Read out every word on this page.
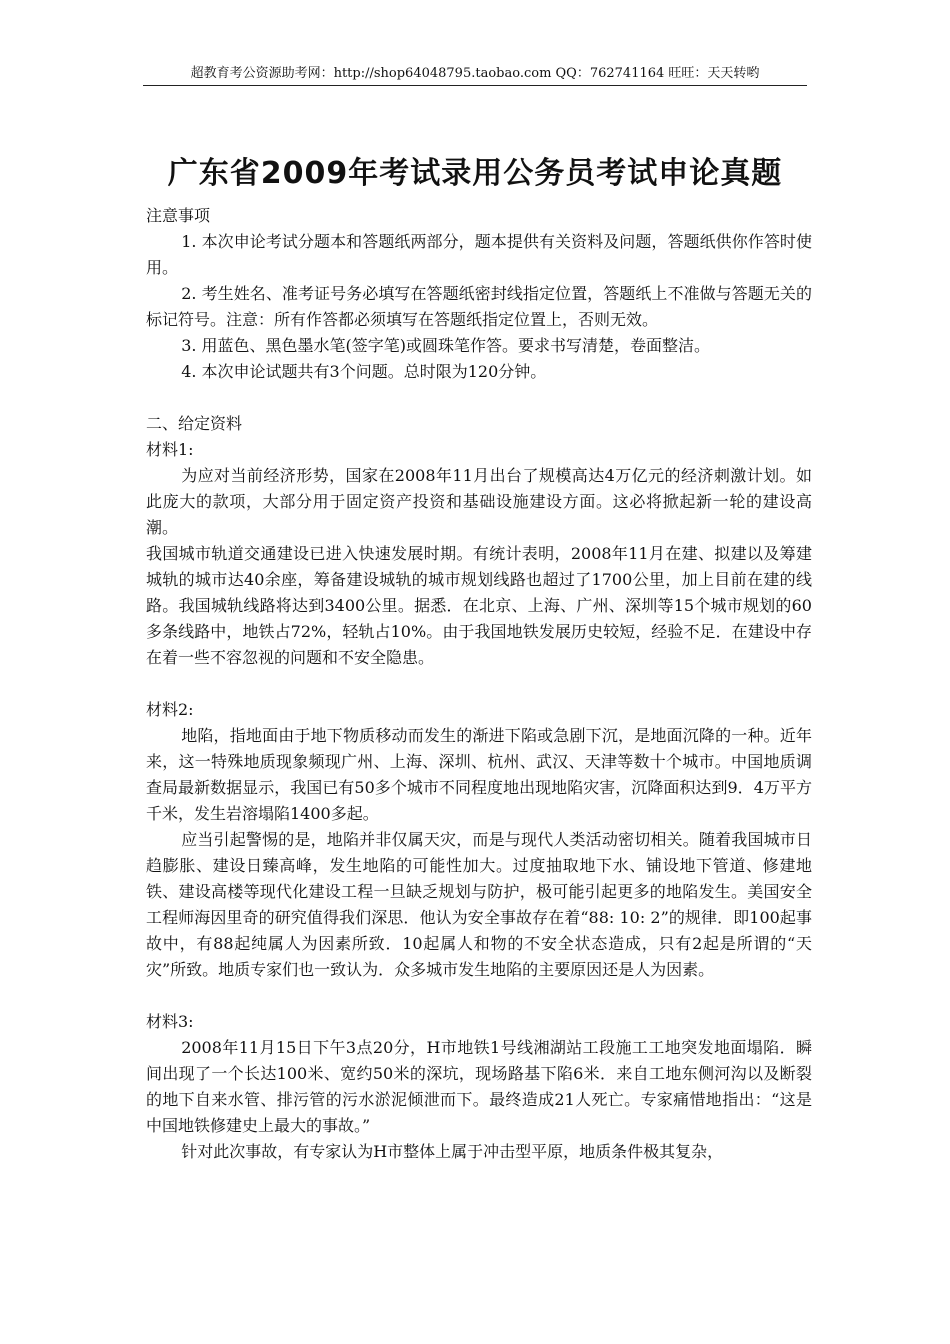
超教育考公资源助考网：http://shop64048795.taobao.com QQ：762741164 旺旺：天天转哟
广东省2009年考试录用公务员考试申论真题

注意事项

1. 本次申论考试分题本和答题纸两部分，题本提供有关资料及问题，答题纸供你作答时使用。

2. 考生姓名、准考证号务必填写在答题纸密封线指定位置，答题纸上不准做与答题无关的标记符号。注意：所有作答都必须填写在答题纸指定位置上，否则无效。

3. 用蓝色、黑色墨水笔(签字笔)或圆珠笔作答。要求书写清楚，卷面整洁。

4. 本次申论试题共有3个问题。总时限为120分钟。

二、给定资料

材料1:

为应对当前经济形势，国家在2008年11月出台了规模高达4万亿元的经济刺激计划。如此庞大的款项，大部分用于固定资产投资和基础设施建设方面。这必将掀起新一轮的建设高潮。

我国城市轨道交通建设已进入快速发展时期。有统计表明，2008年11月在建、拟建以及筹建城轨的城市达40余座，筹备建设城轨的城市规划线路也超过了1700公里，加上目前在建的线路。我国城轨线路将达到3400公里。据悉．在北京、上海、广州、深圳等15个城市规划的60多条线路中，地铁占72%，轻轨占10%。由于我国地铁发展历史较短，经验不足．在建设中存在着一些不容忽视的问题和不安全隐患。

材料2:

地陷，指地面由于地下物质移动而发生的渐进下陷或急剧下沉，是地面沉降的一种。近年来，这一特殊地质现象频现广州、上海、深圳、杭州、武汉、天津等数十个城市。中国地质调查局最新数据显示，我国已有50多个城市不同程度地出现地陷灾害，沉降面积达到9．4万平方千米，发生岩溶塌陷1400多起。

应当引起警惕的是，地陷并非仅属天灾，而是与现代人类活动密切相关。随着我国城市日趋膨胀、建设日臻高峰，发生地陷的可能性加大。过度抽取地下水、铺设地下管道、修建地铁、建设高楼等现代化建设工程一旦缺乏规划与防护，极可能引起更多的地陷发生。美国安全工程师海因里奇的研究值得我们深思．他认为安全事故存在着“88: 10: 2”的规律．即100起事故中，有88起纯属人为因素所致．10起属人和物的不安全状态造成，只有2起是所谓的“天灾”所致。地质专家们也一致认为．众多城市发生地陷的主要原因还是人为因素。

材料3:

2008年11月15日下午3点20分，H市地铁1号线湘湖站工段施工工地突发地面塌陷．瞬间出现了一个长达100米、宽约50米的深坑，现场路基下陷6米．来自工地东侧河沟以及断裂的地下自来水管、排污管的污水淤泥倾泄而下。最终造成21人死亡。专家痛惜地指出：“这是中国地铁修建史上最大的事故。”

针对此次事故，有专家认为H市整体上属于冲击型平原，地质条件极其复杂，
